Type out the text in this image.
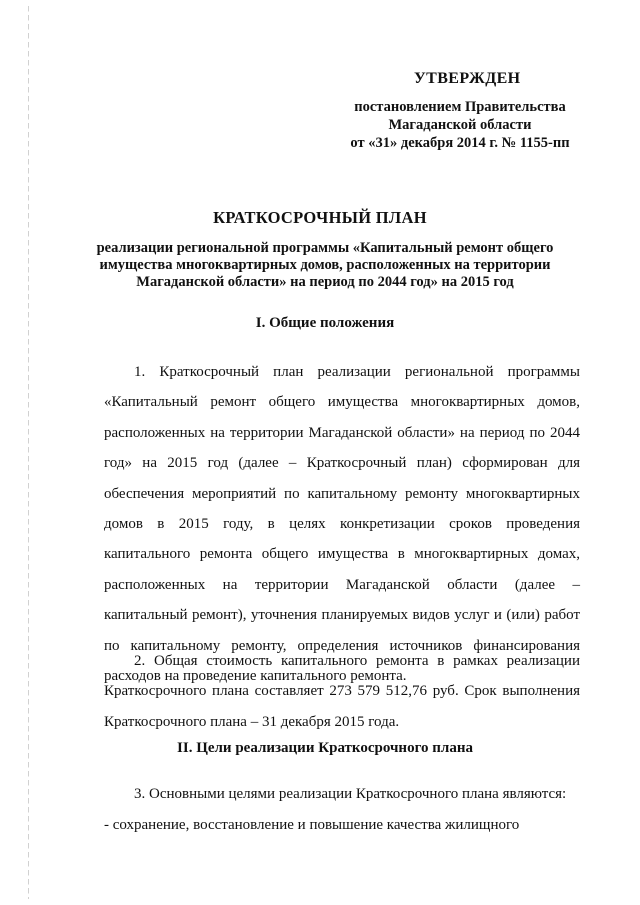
УТВЕРЖДЕН
постановлением Правительства
Магаданской области
от «31» декабря 2014 г. № 1155-пп
КРАТКОСРОЧНЫЙ ПЛАН
реализации региональной программы «Капитальный ремонт общего имущества многоквартирных домов, расположенных на территории Магаданской области» на период по 2044 год» на 2015 год
I. Общие положения

1. Краткосрочный план реализации региональной программы «Капитальный ремонт общего имущества многоквартирных домов, расположенных на территории Магаданской области» на период по 2044 год» на 2015 год (далее – Краткосрочный план) сформирован для обеспечения мероприятий по капитальному ремонту многоквартирных домов в 2015 году, в целях конкретизации сроков проведения капитального ремонта общего имущества в многоквартирных домах, расположенных на территории Магаданской области (далее – капитальный ремонт), уточнения планируемых видов услуг и (или) работ по капитальному ремонту, определения источников финансирования расходов на проведение капитального ремонта.

2. Общая стоимость капитального ремонта в рамках реализации Краткосрочного плана составляет 273 579 512,76 руб. Срок выполнения Краткосрочного плана – 31 декабря 2015 года.

II. Цели реализации Краткосрочного плана

3. Основными целями реализации Краткосрочного плана являются:

- сохранение, восстановление и повышение качества жилищного
